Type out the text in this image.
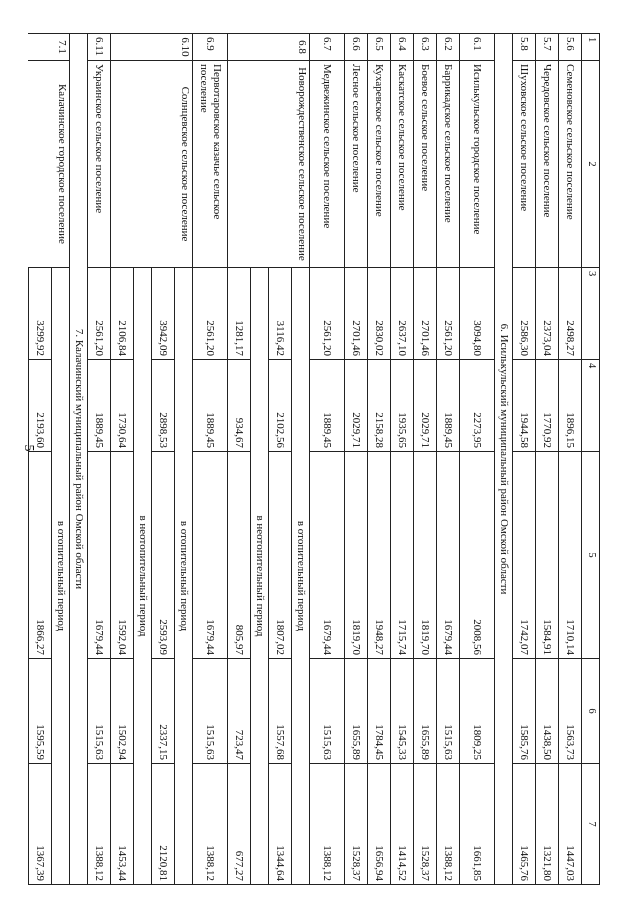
5
1	2	3	4	5	6	7
5.6	Семеновское сельское поселение	2498,27	1896,15	1710,14	1563,73	1447,03
5.7	Чередовское сельское поселение	2373,04	1770,92	1584,91	1438,50	1321,80
5.8	Шуховское сельское поселение	2586,30	1944,58	1742,07	1585,76	1465,76
6. Исилькульский муниципальный район Омской области						
6.1	Исилькульское городское поселение	3094,80	2273,95	2008,56	1809,25	1661,85
6.2	Баррикадское сельское поселение	2561,20	1889,45	1679,44	1515,63	1388,12
6.3	Боевое сельское поселение	2701,46	2029,71	1819,70	1655,89	1528,37
6.4	Каскатское сельское поселение	2637,10	1935,65	1715,74	1545,33	1414,52
6.5	Кухаревское сельское поселение	2830,02	2158,28	1948,27	1784,45	1656,94
6.6	Лесное сельское поселение	2701,46	2029,71	1819,70	1655,89	1528,37
6.7	Медвежинское сельское поселение	2561,20	1889,45	1679,44	1515,63	1388,12
6.8	Новорождественское сельское поселение	в отопительный период				
		3116,42	2102,56	1807,02	1557,68	1344,64
		в неотопительный период				
		1281,17	934,67	805,97	723,47	677,27
6.9	Первотаровское казачье сельское поселение	2561,20	1889,45	1679,44	1515,63	1388,12
6.10	Солнцевское сельское поселение	в отопительный период				
		3942,09	2898,53	2593,09	2337,15	2120,81
		в неотопительный период				
		2106,84	1730,64	1592,04	1502,94	1453,44
6.11	Украинское сельское поселение	2561,20	1889,45	1679,44	1515,63	1388,12
7. Калачинский муниципальный район Омской области						
7.1	Калачинское городское поселение	в отопительный период				
		3299,92	2193,60	1866,27	1595,59	1367,39
